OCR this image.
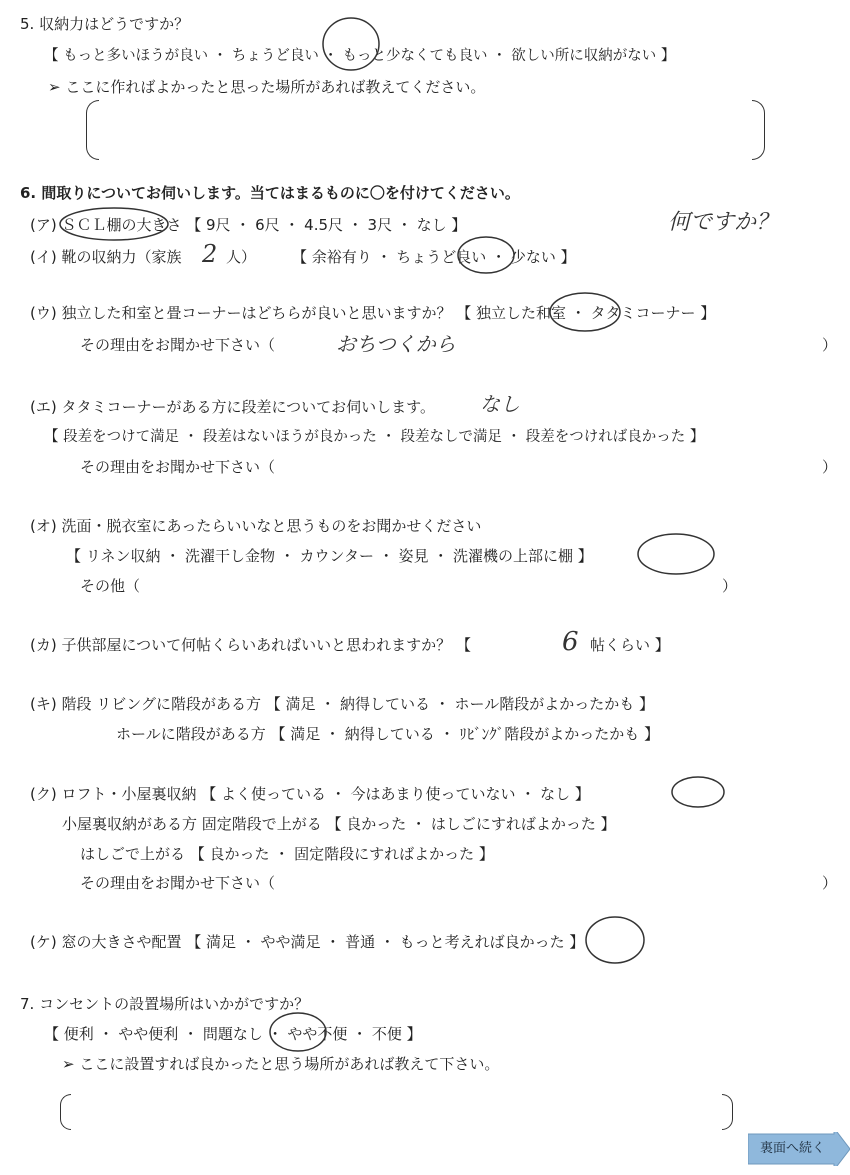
5. 収納力はどうですか？
【 もっと多いほうが良い ・ ちょうど良い ・ もっと少なくても良い ・ 欲しい所に収納がない 】
➢ ここに作ればよかったと思った場所があれば教えてください。
6. 間取りについてお伺いします。当てはまるものに〇を付けてください。
(ア) ＳＣＬ棚の大きさ 【 9尺 ・ 6尺 ・ 4.5尺 ・ 3尺 ・ なし 】	何ですか？
(イ) 靴の収納力（家族 2 人） 【 余裕有り ・ ちょうど良い ・ 少ない 】
(ウ) 独立した和室と畳コーナーはどちらが良いと思いますか？ 【 独立した和室 ・ タタミコーナー 】
その理由をお聞かせ下さい（	おちつくから	）
(エ) タタミコーナーがある方に段差についてお伺いします。 なし
【 段差をつけて満足 ・ 段差はないほうが良かった ・ 段差なしで満足 ・ 段差をつければ良かった 】
その理由をお聞かせ下さい（	）
(オ) 洗面・脱衣室にあったらいいなと思うものをお聞かせください
【 リネン収納 ・ 洗濯干し金物 ・ カウンター ・ 姿見 ・ 洗濯機の上部に棚 】
その他（	）
(カ) 子供部屋について何帖くらいあればいいと思われますか？ 【	6 帖くらい 】
(キ) 階段 リビングに階段がある方 【 満足 ・ 納得している ・ ホール階段がよかったかも 】
ホールに階段がある方 【 満足 ・ 納得している ・ ﾘﾋﾞﾝｸﾞ階段がよかったかも 】
(ク) ロフト・小屋裏収納 【 よく使っている ・ 今はあまり使っていない ・ なし 】
小屋裏収納がある方 固定階段で上がる 【 良かった ・ はしごにすればよかった 】
はしごで上がる 【 良かった ・ 固定階段にすればよかった 】
その理由をお聞かせ下さい（	）
(ケ) 窓の大きさや配置 【 満足 ・ やや満足 ・ 普通 ・ もっと考えれば良かった 】
7. コンセントの設置場所はいかがですか？
【 便利 ・ やや便利 ・ 問題なし ・ やや不便 ・ 不便 】
➢ ここに設置すれば良かったと思う場所があれば教えて下さい。
裏面へ続く
